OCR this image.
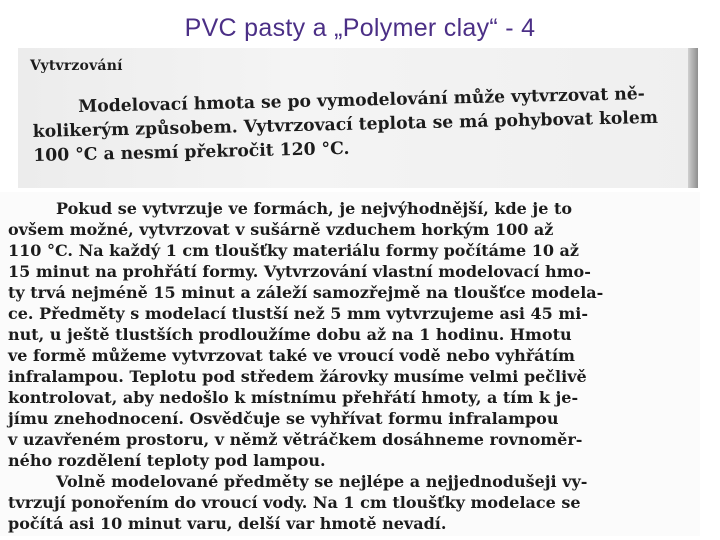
PVC pasty a „Polymer clay“ - 4
Vytvrzování
Modelovací hmota se po vymodelování může vytvrzovat ně-
kolikerým způsobem. Vytvrzovací teplota se má pohybovat kolem
100 °C a nesmí překročit 120 °C.
Pokud se vytvrzuje ve formách, je nejvýhodnější, kde je to
ovšem možné, vytvrzovat v sušárně vzduchem horkým 100 až
110 °C. Na každý 1 cm tloušťky materiálu formy počítáme 10 až
15 minut na prohřátí formy. Vytvrzování vlastní modelovací hmo-
ty trvá nejméně 15 minut a záleží samozřejmě na tloušťce modela-
ce. Předměty s modelací tlustší než 5 mm vytvrzujeme asi 45 mi-
nut, u ještě tlustších prodloužíme dobu až na 1 hodinu. Hmotu
ve formě můžeme vytvrzovat také ve vroucí vodě nebo vyhřátím
infralampou. Teplotu pod středem žárovky musíme velmi pečlivě
kontrolovat, aby nedošlo k místnímu přehřátí hmoty, a tím k je-
jímu znehodnocení. Osvědčuje se vyhřívat formu infralampou
v uzavřeném prostoru, v němž větráčkem dosáhneme rovnoměr-
ného rozdělení teploty pod lampou.
Volně modelované předměty se nejlépe a nejjednodušeji vy-
tvrzují ponořením do vroucí vody. Na 1 cm tloušťky modelace se
počítá asi 10 minut varu, delší var hmotě nevadí.
